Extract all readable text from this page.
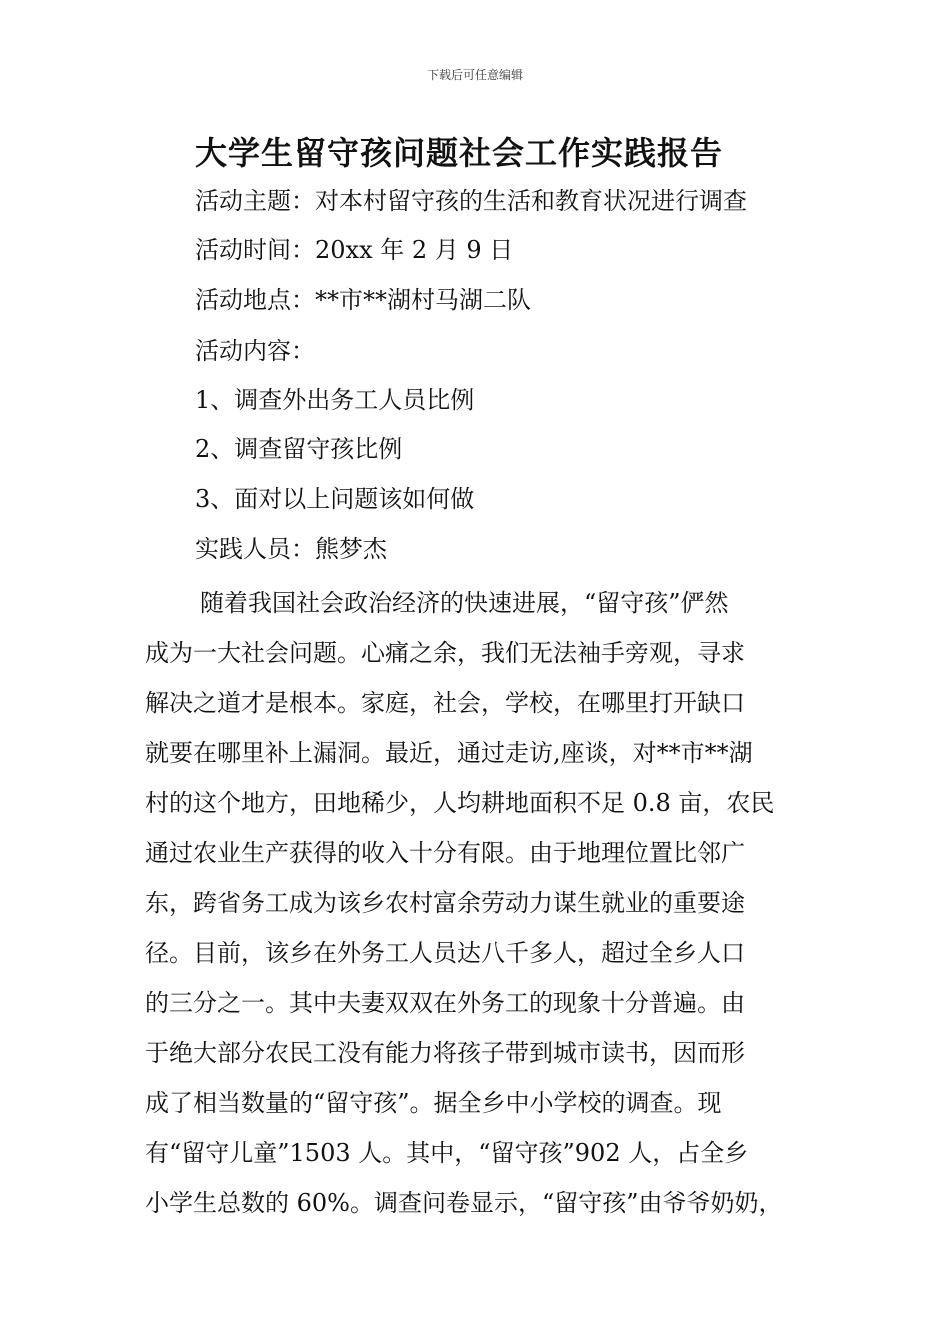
下载后可任意编辑
大学生留守孩问题社会工作实践报告
活动主题：对本村留守孩的生活和教育状况进行调查
活动时间：20xx 年 2 月 9 日
活动地点：**市**湖村马湖二队
活动内容：
1、调查外出务工人员比例
2、调查留守孩比例
3、面对以上问题该如何做
实践人员：熊梦杰
随着我国社会政治经济的快速进展，“留守孩”俨然
成为一大社会问题。心痛之余，我们无法袖手旁观，寻求
解决之道才是根本。家庭，社会，学校，在哪里打开缺口
就要在哪里补上漏洞。最近，通过走访,座谈，对**市**湖
村的这个地方，田地稀少，人均耕地面积不足 0.8 亩，农民
通过农业生产获得的收入十分有限。由于地理位置比邻广
东，跨省务工成为该乡农村富余劳动力谋生就业的重要途
径。目前，该乡在外务工人员达八千多人，超过全乡人口
的三分之一。其中夫妻双双在外务工的现象十分普遍。由
于绝大部分农民工没有能力将孩子带到城市读书，因而形
成了相当数量的“留守孩”。据全乡中小学校的调查。现
有“留守儿童”1503 人。其中，“留守孩”902 人，占全乡
小学生总数的 60%。调查问卷显示，“留守孩”由爷爷奶奶，
